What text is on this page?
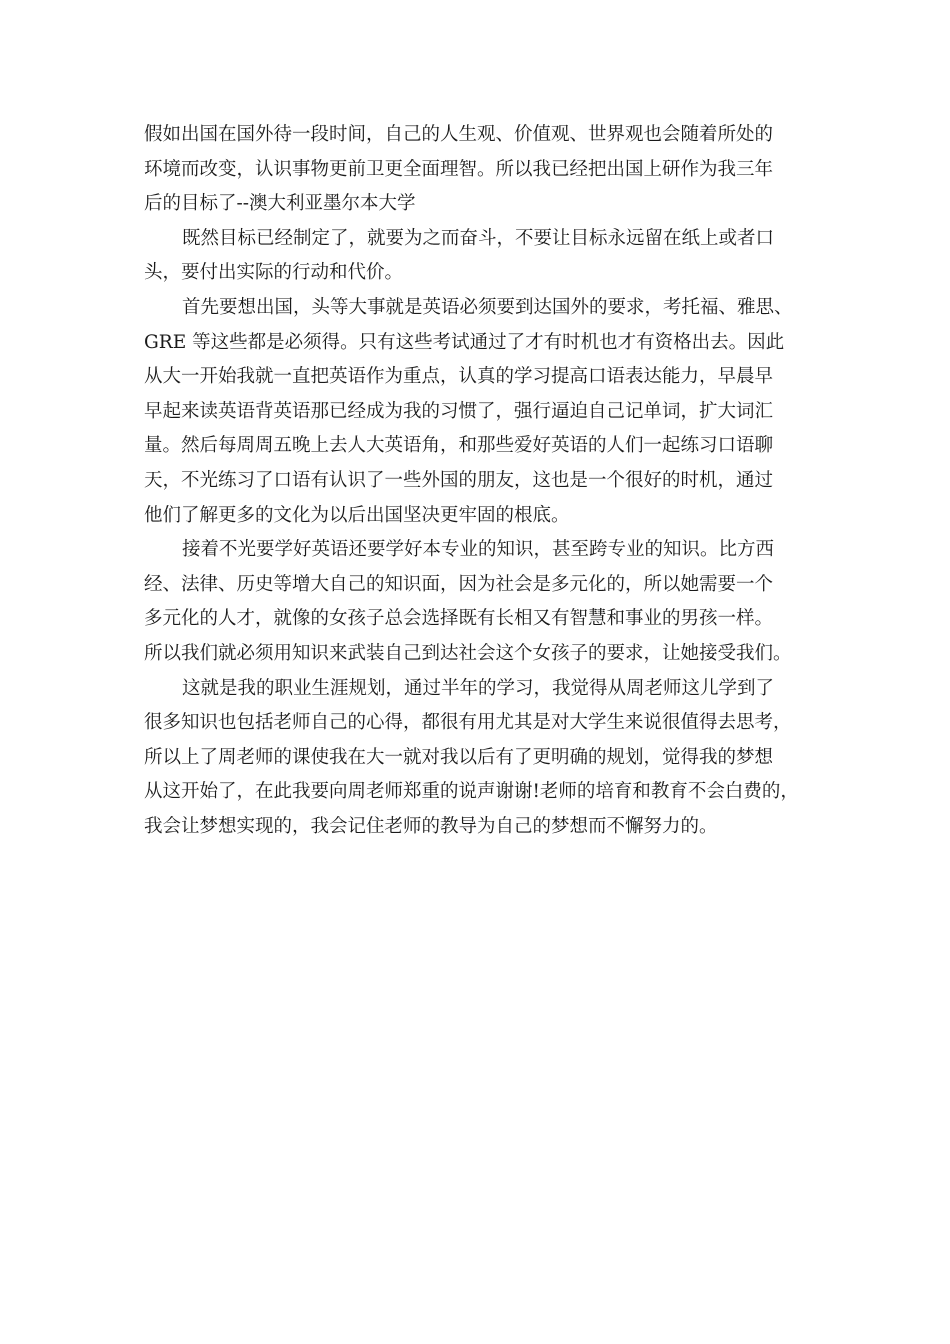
假如出国在国外待一段时间，自己的人生观、价值观、世界观也会随着所处的
环境而改变，认识事物更前卫更全面理智。所以我已经把出国上研作为我三年
后的目标了--澳大利亚墨尔本大学
既然目标已经制定了，就要为之而奋斗，不要让目标永远留在纸上或者口
头，要付出实际的行动和代价。
首先要想出国，头等大事就是英语必须要到达国外的要求，考托福、雅思、
GRE 等这些都是必须得。只有这些考试通过了才有时机也才有资格出去。因此
从大一开始我就一直把英语作为重点，认真的学习提高口语表达能力，早晨早
早起来读英语背英语那已经成为我的习惯了，强行逼迫自己记单词，扩大词汇
量。然后每周周五晚上去人大英语角，和那些爱好英语的人们一起练习口语聊
天，不光练习了口语有认识了一些外国的朋友，这也是一个很好的时机，通过
他们了解更多的文化为以后出国坚决更牢固的根底。
接着不光要学好英语还要学好本专业的知识，甚至跨专业的知识。比方西
经、法律、历史等增大自己的知识面，因为社会是多元化的，所以她需要一个
多元化的人才，就像的女孩子总会选择既有长相又有智慧和事业的男孩一样。
所以我们就必须用知识来武装自己到达社会这个女孩子的要求，让她接受我们。
这就是我的职业生涯规划，通过半年的学习，我觉得从周老师这儿学到了
很多知识也包括老师自己的心得，都很有用尤其是对大学生来说很值得去思考，
所以上了周老师的课使我在大一就对我以后有了更明确的规划，觉得我的梦想
从这开始了，在此我要向周老师郑重的说声谢谢!老师的培育和教育不会白费的，
我会让梦想实现的，我会记住老师的教导为自己的梦想而不懈努力的。
